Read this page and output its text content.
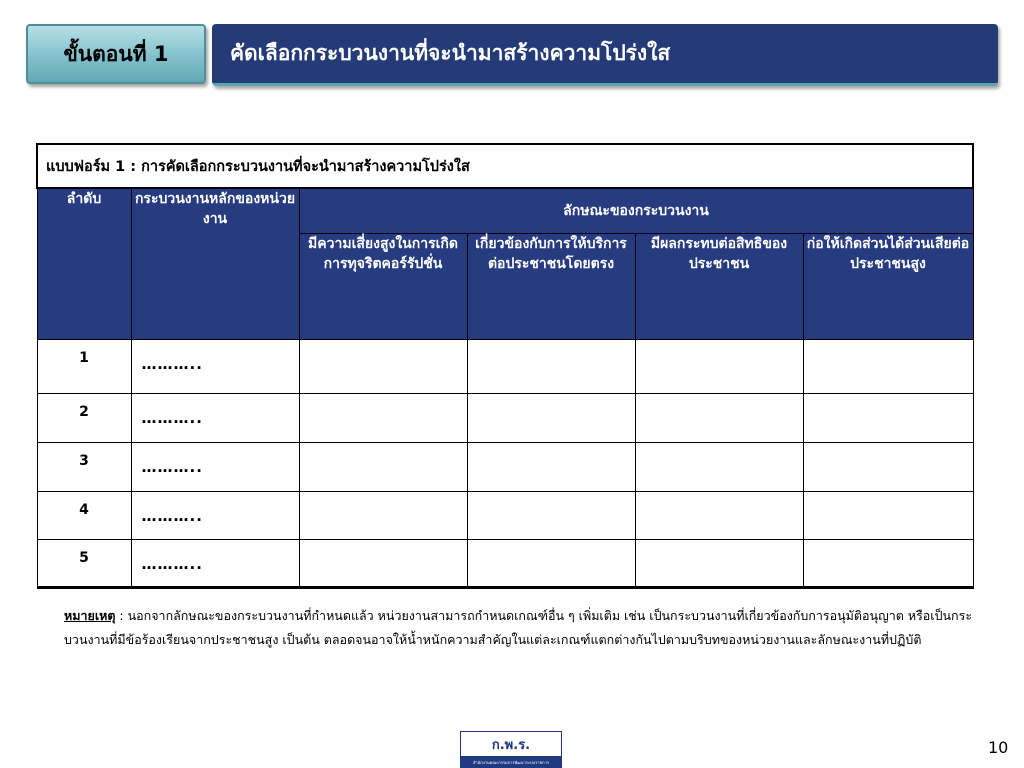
ขั้นตอนที่ 1	คัดเลือกกระบวนงานที่จะนำมาสร้างความโปร่งใส
แบบฟอร์ม 1 : การคัดเลือกกระบวนงานที่จะนำมาสร้างความโปร่งใส					
ลำดับ	กระบวนงานหลักของหน่วยงาน	ลักษณะของกระบวนงาน			
		มีความเสี่ยงสูงในการเกิดการทุจริตคอร์รัปชั่น	เกี่ยวข้องกับการให้บริการต่อประชาชนโดยตรง	มีผลกระทบต่อสิทธิของประชาชน	ก่อให้เกิดส่วนได้ส่วนเสียต่อประชาชนสูง
1	………..				
2	………..				
3	………..				
4	………..				
5	………..				
หมายเหตุ : นอกจากลักษณะของกระบวนงานที่กำหนดแล้ว หน่วยงานสามารถกำหนดเกณฑ์อื่น ๆ เพิ่มเติม เช่น เป็นกระบวนงานที่เกี่ยวข้องกับการอนุมัติอนุญาต หรือเป็นกระบวนงานที่มีข้อร้องเรียนจากประชาชนสูง เป็นต้น ตลอดจนอาจให้น้ำหนักความสำคัญในแต่ละเกณฑ์แตกต่างกันไปตามบริบทของหน่วยงานและลักษณะงานที่ปฏิบัติ
ก.พ.ร.
สำนักงานคณะกรรมการพัฒนาระบบราชการ
10
